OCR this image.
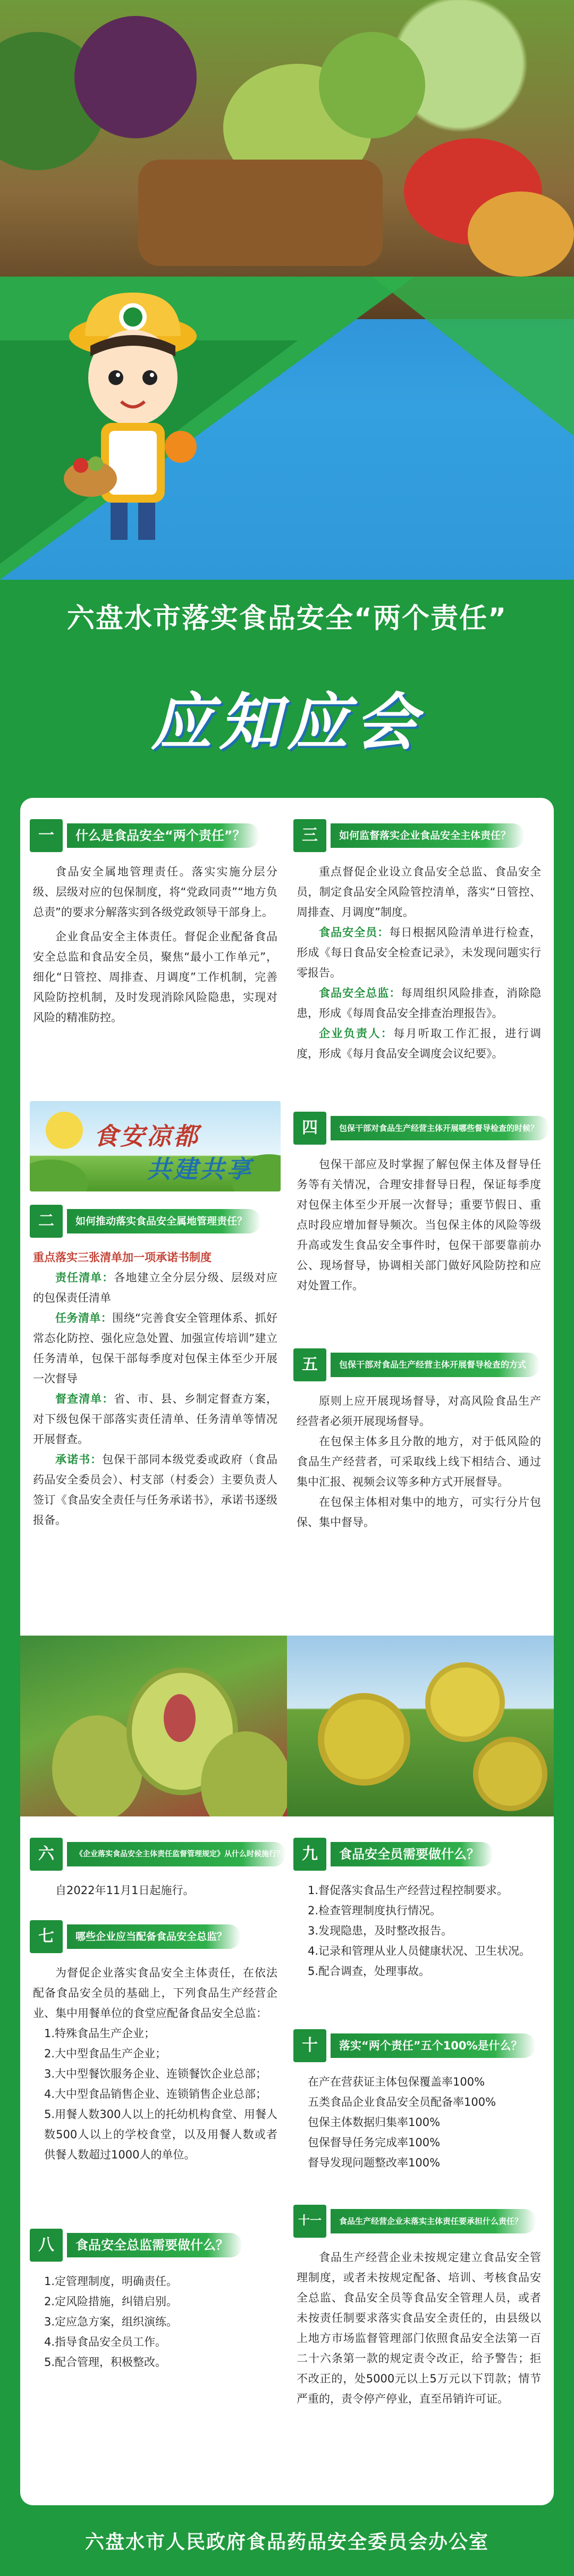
六盘水市落实食品安全“两个责任”
应知应会
一	什么是食品安全“两个责任”？

食品安全属地管理责任。落实实施分层分级、层级对应的包保制度，将“党政同责”“地方负总责”的要求分解落实到各级党政领导干部身上。

企业食品安全主体责任。督促企业配备食品安全总监和食品安全员，聚焦“最小工作单元”，细化“日管控、周排查、月调度”工作机制，完善风险防控机制，及时发现消除风险隐患，实现对风险的精准防控。

食安凉都
共建共享
二	如何推动落实食品安全属地管理责任？

重点落实三张清单加一项承诺书制度

责任清单：各地建立全分层分级、层级对应的包保责任清单

任务清单：围绕“完善食安全管理体系、抓好常态化防控、强化应急处置、加强宣传培训”建立任务清单，包保干部每季度对包保主体至少开展一次督导

督查清单：省、市、县、乡制定督查方案，对下级包保干部落实责任清单、任务清单等情况开展督查。

承诺书：包保干部同本级党委或政府（食品药品安全委员会）、村支部（村委会）主要负责人签订《食品安全责任与任务承诺书》，承诺书逐级报备。

三	如何监督落实企业食品安全主体责任？

重点督促企业设立食品安全总监、食品安全员，制定食品安全风险管控清单，落实“日管控、周排查、月调度”制度。

食品安全员：每日根据风险清单进行检查，形成《每日食品安全检查记录》，未发现问题实行零报告。

食品安全总监：每周组织风险排查，消除隐患，形成《每周食品安全排查治理报告》。

企业负责人：每月听取工作汇报，进行调度，形成《每月食品安全调度会议纪要》。

四	包保干部对食品生产经营主体开展哪些督导检查的时候？

包保干部应及时掌握了解包保主体及督导任务等有关情况，合理安排督导日程，保证每季度对包保主体至少开展一次督导；重要节假日、重点时段应增加督导频次。当包保主体的风险等级升高或发生食品安全事件时，包保干部要靠前办公、现场督导，协调相关部门做好风险防控和应对处置工作。

五	包保干部对食品生产经营主体开展督导检查的方式

原则上应开展现场督导，对高风险食品生产经营者必须开展现场督导。

在包保主体多且分散的地方，对于低风险的食品生产经营者，可采取线上线下相结合、通过集中汇报、视频会议等多种方式开展督导。

在包保主体相对集中的地方，可实行分片包保、集中督导。

六	《企业落实食品安全主体责任监督管理规定》从什么时候施行？

自2022年11月1日起施行。

七	哪些企业应当配备食品安全总监？

为督促企业落实食品安全主体责任，在依法配备食品安全员的基础上，下列食品生产经营企业、集中用餐单位的食堂应配备食品安全总监：

1.特殊食品生产企业；

2.大中型食品生产企业；

3.大中型餐饮服务企业、连锁餐饮企业总部；

4.大中型食品销售企业、连锁销售企业总部；

5.用餐人数300人以上的托幼机构食堂、用餐人数500人以上的学校食堂，以及用餐人数或者供餐人数超过1000人的单位。

八	食品安全总监需要做什么？

1.定管理制度，明确责任。

2.定风险措施，纠错启别。

3.定应急方案，组织演练。

4.指导食品安全员工作。

5.配合管理，积极整改。

九	食品安全员需要做什么？

1.督促落实食品生产经营过程控制要求。

2.检查管理制度执行情况。

3.发现隐患，及时整改报告。

4.记录和管理从业人员健康状况、卫生状况。

5.配合调查，处理事故。

十	落实“两个责任”五个100%是什么？

在产在营获证主体包保覆盖率100%

五类食品企业食品安全员配备率100%

包保主体数据归集率100%

包保督导任务完成率100%

督导发现问题整改率100%

十一	食品生产经营企业未落实主体责任要承担什么责任？

食品生产经营企业未按规定建立食品安全管理制度，或者未按规定配备、培训、考核食品安全总监、食品安全员等食品安全管理人员，或者未按责任制要求落实食品安全责任的，由县级以上地方市场监督管理部门依照食品安全法第一百二十六条第一款的规定责令改正，给予警告；拒不改正的，处5000元以上5万元以下罚款；情节严重的，责令停产停业，直至吊销许可证。

六盘水市人民政府食品药品安全委员会办公室
